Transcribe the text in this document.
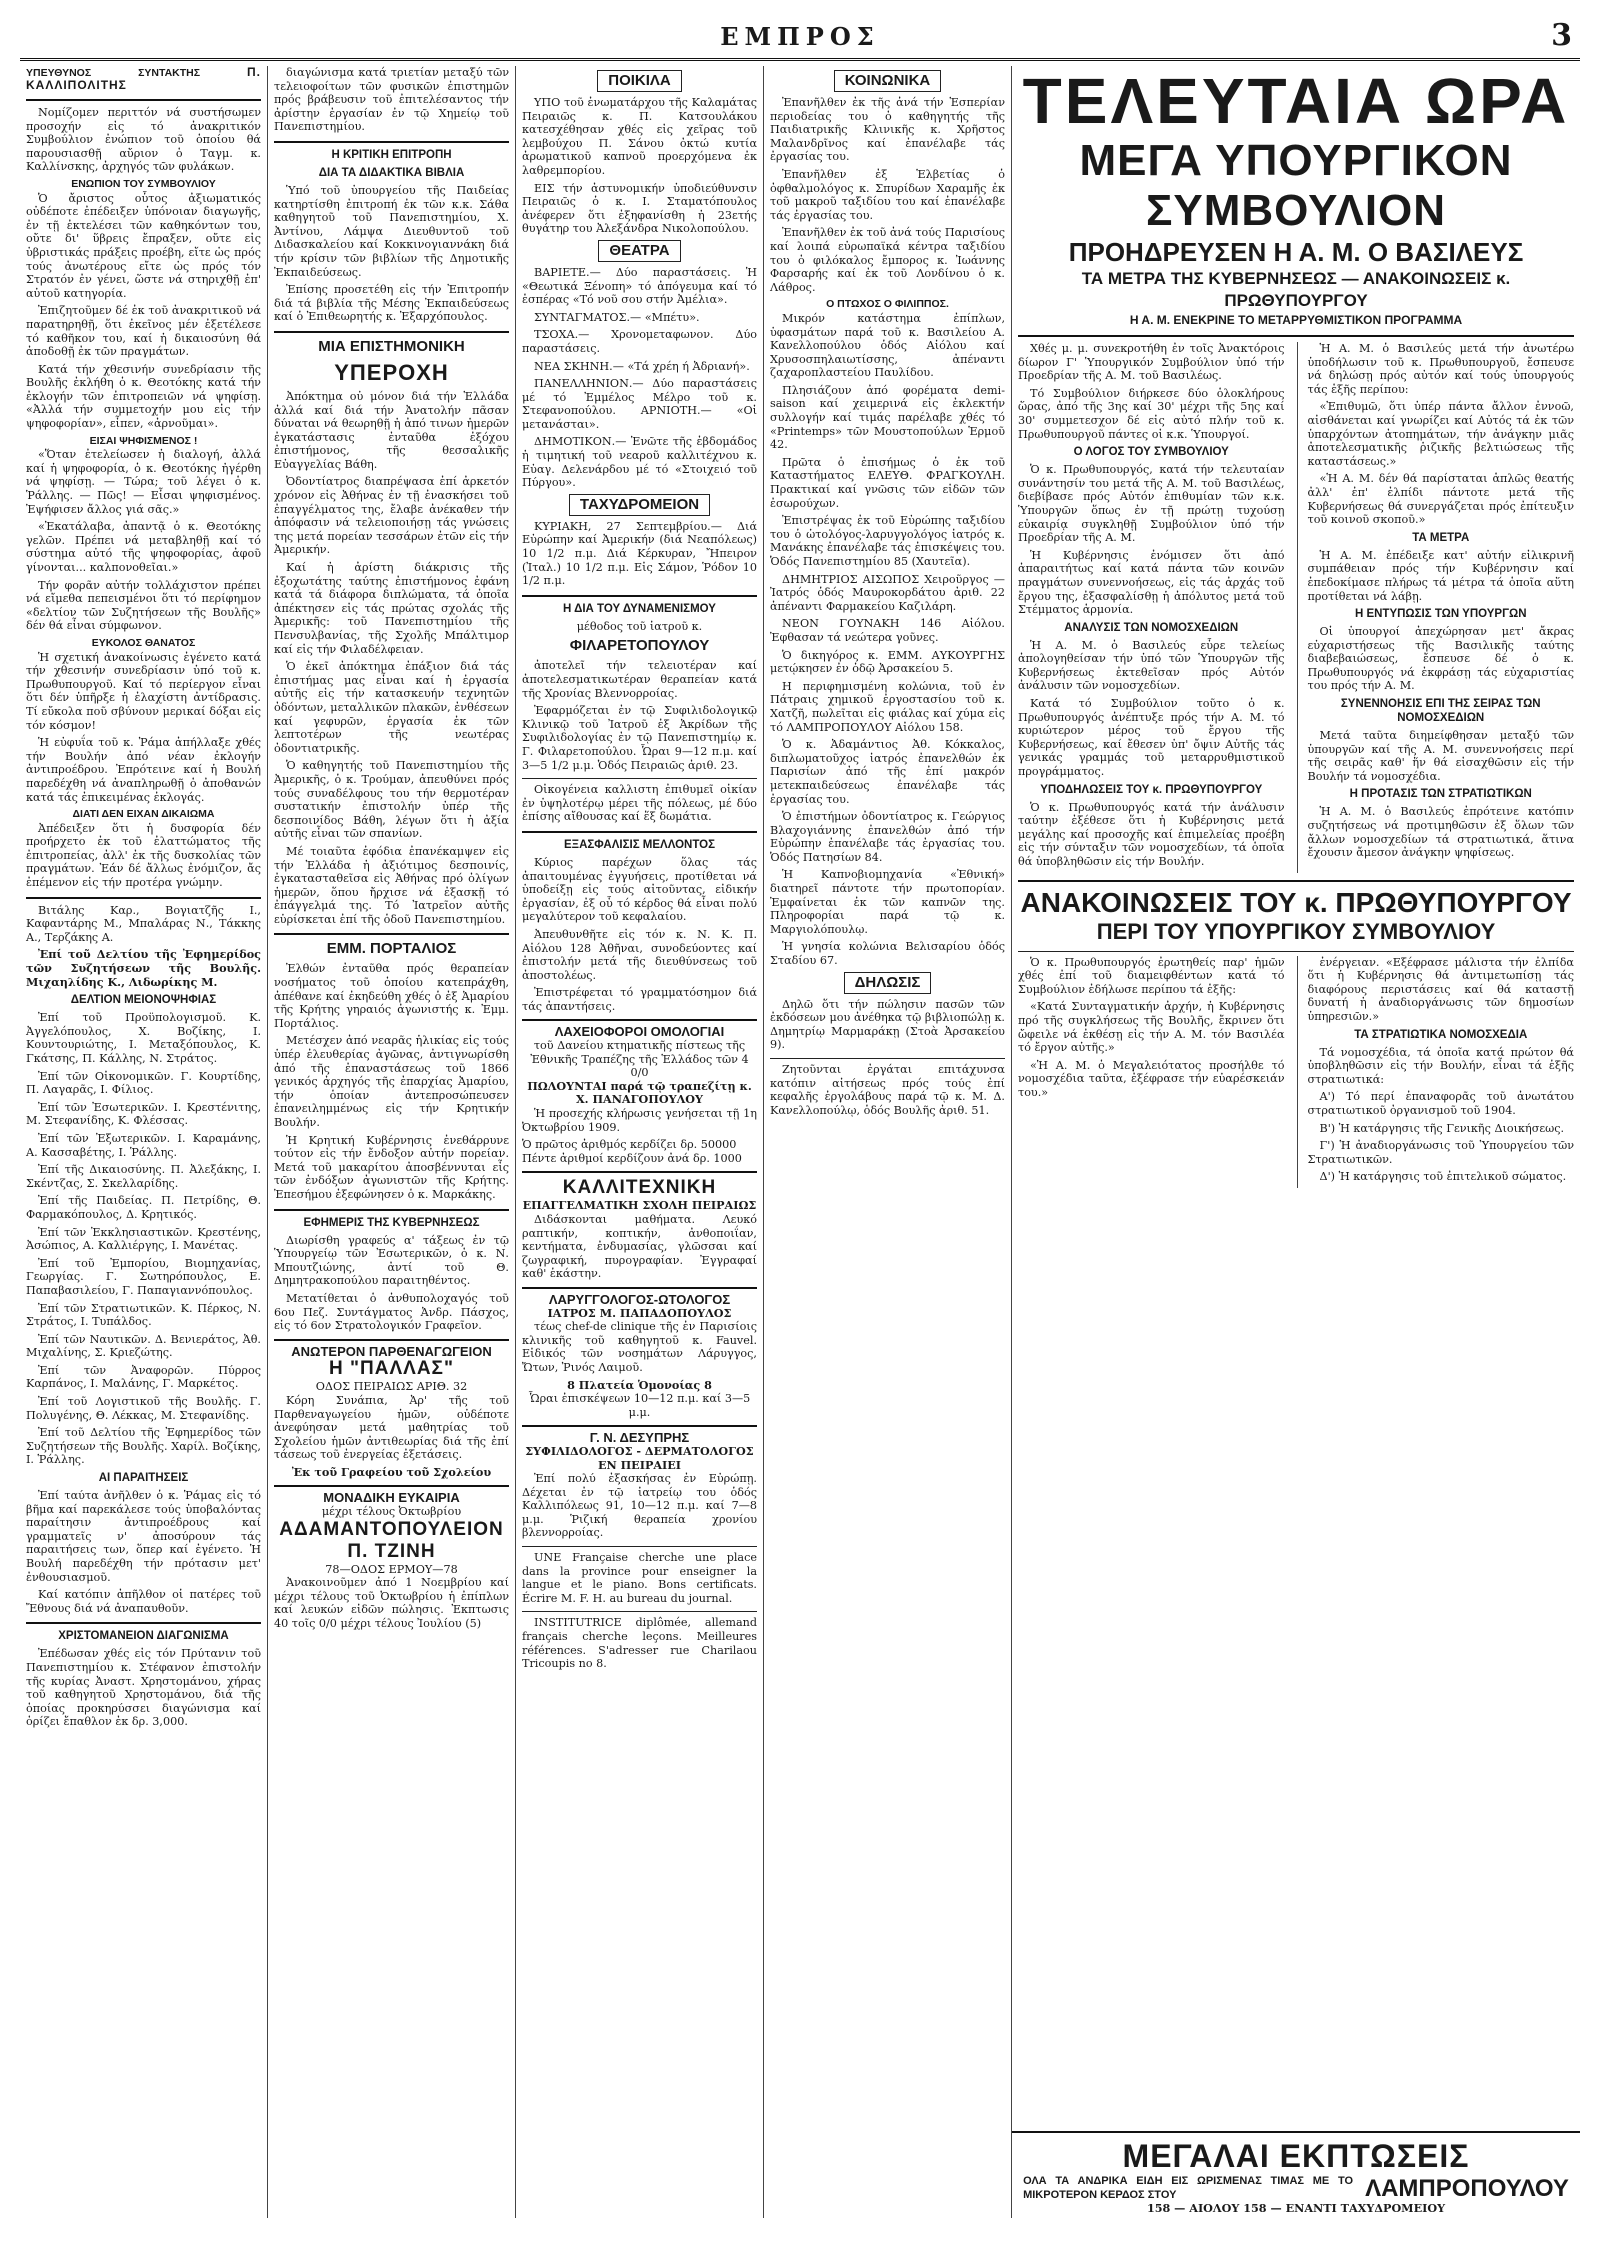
ΕΜΠΡΟΣ	3
ΥΠΕΥΘΥΝΟΣ ΣΥΝΤΑΚΤΗΣ	Π. ΚΑΛΛΙΠΟΛΙΤΗΣ

Νομίζομεν περιττόν νά συστήσωμεν προσοχήν εἰς τό ἀνακριτικόν Συμβούλιον ἐνώπιον τοῦ ὁποίου θά παρουσιασθῇ αὔριον ὁ Ταγμ. κ. Καλλίνσκης, ἀρχηγός τῶν φυλάκων.

ΕΝΩΠΙΟΝ ΤΟΥ ΣΥΜΒΟΥΛΙΟΥ

Ὁ ἄριστος οὗτος ἀξιωματικός οὐδέποτε ἐπέδειξεν ὑπόνοιαν διαγωγῆς, ἐν τῇ ἐκτελέσει τῶν καθηκόντων του, οὔτε δι' ὕβρεις ἔπραξεν, οὔτε εἰς ὑβριστικάς πράξεις προέβη, εἴτε ὡς πρός τούς ἀνωτέρους εἴτε ὡς πρός τόν Στρατόν ἐν γένει, ὥστε νά στηριχθῇ ἐπ' αὐτοῦ κατηγορία.

Ἐπιζητοῦμεν δέ ἐκ τοῦ ἀνακριτικοῦ νά παρατηρηθῇ, ὅτι ἐκεῖνος μέν ἐξετέλεσε τό καθῆκον του, καί ἡ δικαιοσύνη θά ἀποδοθῇ ἐκ τῶν πραγμάτων.

Κατά τήν χθεσινήν συνεδρίασιν τῆς Βουλῆς ἐκλήθη ὁ κ. Θεοτόκης κατά τήν ἐκλογήν τῶν ἐπιτροπειῶν νά ψηφίσῃ. «Ἀλλά τήν συμμετοχήν μου εἰς τήν ψηφοφορίαν», εἶπεν, «ἀρνοῦμαι».

ΕΙΣΑΙ ΨΗΦΙΣΜΕΝΟΣ !

«Ὅταν ἐτελείωσεν ἡ διαλογή, ἀλλά καί ἡ ψηφοφορία, ὁ κ. Θεοτόκης ἠγέρθη νά ψηφίσῃ. — Τώρα; τοῦ λέγει ὁ κ. Ῥάλλης. — Πῶς! — Εἶσαι ψηφισμένος. Ἐψήφισεν ἄλλος γιά σᾶς.»

«Ἐκατάλαβα, ἀπαντᾷ ὁ κ. Θεοτόκης γελῶν. Πρέπει νά μεταβληθῇ καί τό σύστημα αὐτό τῆς ψηφοφορίας, ἀφοῦ γίνονται... καλπονοθεῖαι.»

Τήν φορᾶν αὐτήν τολλάχιστον πρέπει νά εἴμεθα πεπεισμένοι ὅτι τό περίφημον «δελτίον τῶν Συζητήσεων τῆς Βουλῆς» δέν θά εἶναι σύμφωνον.

ΕΥΚΟΛΟΣ ΘΑΝΑΤΟΣ

Ἡ σχετική ἀνακοίνωσις ἐγένετο κατά τήν χθεσινήν συνεδρίασιν ὑπό τοῦ κ. Πρωθυπουργοῦ. Καί τό περίεργον εἶναι ὅτι δέν ὑπῆρξε ἡ ἐλαχίστη ἀντίδρασις. Τί εὔκολα ποῦ σβύνουν μερικαί δόξαι εἰς τόν κόσμον!

Ἡ εὐφυΐα τοῦ κ. Ῥάμα ἀπήλλαξε χθές τήν Βουλήν ἀπό νέαν ἐκλογήν ἀντιπροέδρου. Ἐπρότεινε καί ἡ Βουλή παρεδέχθη νά ἀναπληρωθῇ ὁ ἀποθανών κατά τάς ἐπικειμένας ἐκλογάς.

ΔΙΑΤΙ ΔΕΝ ΕΙΧΑΝ ΔΙΚΑΙΩΜΑ

Ἀπέδειξεν ὅτι ἡ δυσφορία δέν προήρχετο ἐκ τοῦ ἐλαττώματος τῆς ἐπιτροπείας, ἀλλ' ἐκ τῆς δυσκολίας τῶν πραγμάτων. Ἐάν δέ ἄλλως ἐνόμιζον, ἄς ἐπέμενον εἰς τήν προτέρα γνώμην.

Βιτάλης Καρ., Βογιατζῆς Ι., Καφαντάρης Μ., Μπαλάρας Ν., Τάκκης Α., Τερζάκης Α.

Ἐπί τοῦ Δελτίου τῆς Ἐφημερίδος τῶν Συζητήσεων τῆς Βουλῆς. Μιχαηλίδης Κ., Λιδωρίκης Μ.

ΔΕΛΤΙΟΝ ΜΕΙΟΝΟΨΗΦΙΑΣ

Ἐπί τοῦ Προϋπολογισμοῦ. Κ. Ἀγγελόπουλος, Χ. Βοζίκης, Ι. Κουντουριώτης, Ι. Μεταξόπουλος, Κ. Γκάτσης, Π. Κάλλης, Ν. Στράτος.

Ἐπί τῶν Οἰκονομικῶν. Γ. Κουρτίδης, Π. Λαγαρᾶς, Ι. Φίλιος.

Ἐπί τῶν Ἐσωτερικῶν. Ι. Κρεστένιτης, Μ. Στεφανίδης, Κ. Φλέσσας.

Ἐπί τῶν Ἐξωτερικῶν. Ι. Καραμάνης, Α. Κασσαβέτης, Ι. Ῥάλλης.

Ἐπί τῆς Δικαιοσύνης. Π. Ἀλεξάκης, Ι. Σκέντζας, Σ. Σκελλαρίδης.

Ἐπί τῆς Παιδείας. Π. Πετρίδης, Θ. Φαρμακόπουλος, Δ. Κρητικός.

Ἐπί τῶν Ἐκκλησιαστικῶν. Κρεστένης, Ἀσώπιος, Α. Καλλιέργης, Ι. Μανέτας.

Ἐπί τοῦ Ἐμπορίου, Βιομηχανίας, Γεωργίας. Γ. Σωτηρόπουλος, Ε. Παπαβασιλείου, Γ. Παπαγιαννόπουλος.

Ἐπί τῶν Στρατιωτικῶν. Κ. Πέρκος, Ν. Στράτος, Ι. Τυπάλδος.

Ἐπί τῶν Ναυτικῶν. Δ. Βενιεράτος, Ἀθ. Μιχαλίνης, Σ. Κριεζώτης.

Ἐπί τῶν Ἀναφορῶν. Πύρρος Καρπάνος, Ι. Μαλάνης, Γ. Μαρκέτος.

Ἐπί τοῦ Λογιστικοῦ τῆς Βουλῆς. Γ. Πολυγένης, Θ. Λέκκας, Μ. Στεφανίδης.

Ἐπί τοῦ Δελτίου τῆς Ἐφημερίδος τῶν Συζητήσεων τῆς Βουλῆς. Χαρίλ. Βοζίκης, Ι. Ῥάλλης.

ΑΙ ΠΑΡΑΙΤΗΣΕΙΣ

Ἐπί ταύτα ἀνῆλθεν ὁ κ. Ῥάμας εἰς τό βῆμα καί παρεκάλεσε τούς ὑποβαλόντας παραίτησιν ἀντιπροέδρους καί γραμματεῖς ν' ἀποσύρουν τάς παραιτήσεις των, ὅπερ καί ἐγένετο. Ἡ Βουλή παρεδέχθη τήν πρότασιν μετ' ἐνθουσιασμοῦ.

Καί κατόπιν ἀπῆλθον οἱ πατέρες τοῦ Ἔθνους διά νά ἀναπαυθοῦν.

ΧΡΙΣΤΟΜΑΝΕΙΟΝ ΔΙΑΓΩΝΙΣΜΑ

Ἐπέδωσαν χθές εἰς τόν Πρύτανιν τοῦ Πανεπιστημίου κ. Στέφανον ἐπιστολήν τῆς κυρίας Ἀναστ. Χρηστομάνου, χήρας τοῦ καθηγητοῦ Χρηστομάνου, διά τῆς ὁποίας προκηρύσσει διαγώνισμα καί ὁρίζει ἔπαθλον ἐκ δρ. 3,000.

διαγώνισμα κατά τριετίαν μεταξύ τῶν τελειοφοίτων τῶν φυσικῶν ἐπιστημῶν πρός βράβευσιν τοῦ ἐπιτελέσαντος τήν ἀρίστην ἐργασίαν ἐν τῷ Χημείῳ τοῦ Πανεπιστημίου.

Η ΚΡΙΤΙΚΗ ΕΠΙΤΡΟΠΗ
ΔΙΑ ΤΑ ΔΙΔΑΚΤΙΚΑ ΒΙΒΛΙΑ

Ὑπό τοῦ ὑπουργείου τῆς Παιδείας κατηρτίσθη ἐπιτροπή ἐκ τῶν κ.κ. Σάθα καθηγητοῦ τοῦ Πανεπιστημίου, Χ. Ἀντίνου, Λάμψα Διευθυντοῦ τοῦ Διδασκαλείου καί Κοκκινογιαννάκη διά τήν κρίσιν τῶν βιβλίων τῆς Δημοτικῆς Ἐκπαιδεύσεως.

Ἐπίσης προσετέθη εἰς τήν Ἐπιτροπήν διά τά βιβλία τῆς Μέσης Ἐκπαιδεύσεως καί ὁ Ἐπιθεωρητής κ. Ἐξαρχόπουλος.

ΜΙΑ ΕΠΙΣΤΗΜΟΝΙΚΗ
ΥΠΕΡΟΧΗ

Ἀπόκτημα οὐ μόνον διά τήν Ἑλλάδα ἀλλά καί διά τήν Ἀνατολήν πᾶσαν δύναται νά θεωρηθῇ ἡ ἀπό τινων ἡμερῶν ἐγκατάστασις ἐνταῦθα ἐξόχου ἐπιστήμονος, τῆς θεσσαλικῆς Εὐαγγελίας Βάθη.

Ὀδοντίατρος διαπρέψασα ἐπί ἀρκετόν χρόνον εἰς Ἀθήνας ἐν τῇ ἐνασκήσει τοῦ ἐπαγγέλματος της, ἔλαβε ἀνέκαθεν τήν ἀπόφασιν νά τελειοποιήσῃ τάς γνώσεις της μετά πορείαν τεσσάρων ἐτῶν εἰς τήν Ἀμερικήν.

Καί ἡ ἀρίστη διάκρισις τῆς ἐξοχωτάτης ταύτης ἐπιστήμονος ἐφάνη κατά τά διάφορα διπλώματα, τά ὁποῖα ἀπέκτησεν εἰς τάς πρώτας σχολάς τῆς Ἀμερικῆς: τοῦ Πανεπιστημίου τῆς Πενσυλβανίας, τῆς Σχολῆς Μπάλτιμορ καί εἰς τήν Φιλαδέλφειαν.

Ὁ ἐκεῖ ἀπόκτημα ἐπάξιον διά τάς ἐπιστήμας μας εἶναι καί ἡ ἐργασία αὐτῆς εἰς τήν κατασκευήν τεχνητῶν ὀδόντων, μεταλλικῶν πλακῶν, ἐνθέσεων καί γεφυρῶν, ἐργασία ἐκ τῶν λεπτοτέρων τῆς νεωτέρας ὀδοντιατρικῆς.

Ὁ καθηγητής τοῦ Πανεπιστημίου τῆς Ἀμερικῆς, ὁ κ. Τρούμαν, ἀπευθύνει πρός τούς συναδέλφους του τήν θερμοτέραν συστατικήν ἐπιστολήν ὑπέρ τῆς δεσποινίδος Βάθη, λέγων ὅτι ἡ ἀξία αὐτῆς εἶναι τῶν σπανίων.

Μέ τοιαῦτα ἐφόδια ἐπανέκαμψεν εἰς τήν Ἑλλάδα ἡ ἀξιότιμος δεσποινίς, ἐγκατασταθεῖσα εἰς Ἀθήνας πρό ὀλίγων ἡμερῶν, ὅπου ἤρχισε νά ἐξασκῇ τό ἐπάγγελμά της. Τό Ἰατρεῖον αὐτῆς εὑρίσκεται ἐπί τῆς ὁδοῦ Πανεπιστημίου.

ΕΜΜ. ΠΟΡΤΑΛΙΟΣ

Ἐλθών ἐνταῦθα πρός θεραπείαν νοσήματος τοῦ ὁποίου κατεπράχθη, ἀπέθανε καί ἐκηδεύθη χθές ὁ ἐξ Ἀμαρίου τῆς Κρήτης γηραιός ἀγωνιστής κ. Ἐμμ. Πορτάλιος.

Μετέσχεν ἀπό νεαρᾶς ἡλικίας εἰς τούς ὑπέρ ἐλευθερίας ἀγῶνας, ἀντιγνωρίσθη ἀπό τῆς ἐπαναστάσεως τοῦ 1866 γενικός ἀρχηγός τῆς ἐπαρχίας Ἀμαρίου, τήν ὁποίαν ἀντεπροσώπευσεν ἐπανειλημμένως εἰς τήν Κρητικήν Βουλήν.

Ἡ Κρητική Κυβέρνησις ἐνεθάρρυνε τούτον εἰς τήν ἔνδοξον αὐτήν πορείαν. Μετά τοῦ μακαρίτου ἀποσβέννυται εἷς τῶν ἐνδόξων ἀγωνιστῶν τῆς Κρήτης. Ἐπεσήμου ἐξεφώνησεν ὁ κ. Μαρκάκης.

ΕΦΗΜΕΡΙΣ ΤΗΣ ΚΥΒΕΡΝΗΣΕΩΣ

Διωρίσθη γραφεύς α' τάξεως ἐν τῷ Ὑπουργείῳ τῶν Ἐσωτερικῶν, ὁ κ. Ν. Μπουτζιώνης, ἀντί τοῦ Θ. Δημητρακοπούλου παραιτηθέντος.

Μετατίθεται ὁ ἀνθυπολοχαγός τοῦ 6ου Πεζ. Συντάγματος Ἀνδρ. Πάσχος, εἰς τό 6ον Στρατολογικόν Γραφεῖον.

ΑΝΩΤΕΡΟΝ ΠΑΡΘΕΝΑΓΩΓΕΙΟΝ
Η "ΠΑΛΛΑΣ"
ΟΔΟΣ ΠΕΙΡΑΙΩΣ ΑΡΙΘ. 32

Κόρη Συνάπια, Ἀρ' τῆς τοῦ Παρθεναγωγείου ἡμῶν, οὐδέποτε ἀνεφύησαν μετά μαθητρίας τοῦ Σχολείου ἡμῶν ἀντιθεωρίας διά τῆς ἐπί τάσεως τοῦ ἐνεργείας ἐξετάσεις.

Ἐκ τοῦ Γραφείου τοῦ Σχολείου
ΜΟΝΑΔΙΚΗ ΕΥΚΑΙΡΙΑ
μέχρι τέλους Ὀκτωβρίου
ΑΔΑΜΑΝΤΟΠΟΥΛΕΙΟΝ
Π. ΤΖΙΝΗ
78—ΟΔΟΣ ΕΡΜΟΥ—78

Ἀνακοινοῦμεν ἀπό 1 Νοεμβρίου καί μέχρι τέλους τοῦ Ὀκτωβρίου ἡ ἐπίπλων καί λευκών εἰδῶν πώλησις. Ἐκπτωσις 40 τοῖς 0/0 μέχρι τέλους Ἰουλίου (5)

ΠΟΙΚΙΛΑ

ΥΠΟ τοῦ ἐνωματάρχου τῆς Καλαμάτας Πειραιῶς κ. Π. Κατσουλάκου κατεσχέθησαν χθές εἰς χεῖρας τοῦ λεμβούχου Π. Σάνου ὀκτώ κυτία ἀρωματικοῦ καπνοῦ προερχόμενα ἐκ λαθρεμπορίου.

ΕΙΣ τήν ἀστυνομικήν ὑποδιεύθυνσιν Πειραιῶς ὁ κ. Ι. Σταματόπουλος ἀνέφερεν ὅτι ἐξηφανίσθη ἡ 23ετής θυγάτηρ του Ἀλεξάνδρα Νικολοπούλου.

ΘΕΑΤΡΑ

ΒΑΡΙΕΤΕ.— Δύο παραστάσεις. Ἡ «Θεωτικά Ξένοπη» τό ἀπόγευμα καί τό ἑσπέρας «Τό νοῦ σου στήν Ἀμέλια».

ΣΥΝΤΑΓΜΑΤΟΣ.— «Μπέτυ».

ΤΣΟΧΑ.— Χρονομεταφωνον. Δύο παραστάσεις.

ΝΕΑ ΣΚΗΝΗ.— «Τά χρέη ή Ἀδριανή».

ΠΑΝΕΛΛΗΝΙΟΝ.— Δύο παραστάσεις μέ τό Ἐμμέλος Μέλρο τοῦ κ. Στεφανοπούλου. ΑΡΝΙΟΤΗ.— «Οἱ μετανάσται».

ΔΗΜΟΤΙΚΟΝ.— Ἐνῶτε τῆς ἑβδομάδος ἡ τιμητική τοῦ νεαροῦ καλλιτέχνου κ. Εὐαγ. Δελενάρδου μέ τό «Στοιχειό τοῦ Πύργου».

ΤΑΧΥΔΡΟΜΕΙΟΝ

ΚΥΡΙΑΚΗ, 27 Σεπτεμβρίου.— Διά Εὐρώπην καί Ἀμερικήν (διά Νεαπόλεως) 10 1/2 π.μ. Διά Κέρκυραν, Ἤπειρον (Ἰταλ.) 10 1/2 π.μ. Εἰς Σάμον, Ῥόδον 10 1/2 π.μ.

Η ΔΙΑ ΤΟΥ ΔΥΝΑΜΕΝΙΣΜΟΥ
μέθοδος τοῦ ἰατροῦ κ.
ΦΙΛΑΡΕΤΟΠΟΥΛΟΥ

ἀποτελεῖ τήν τελειοτέραν καί ἀποτελεσματικωτέραν θεραπείαν κατά τῆς Χρονίας Βλεννορροίας.

Ἐφαρμόζεται ἐν τῷ Συφιλιδολογικῷ Κλινικῷ τοῦ Ἰατροῦ ἐξ Ἀκρίδων τῆς Συφιλιδολογίας ἐν τῷ Πανεπιστημίῳ κ. Γ. Φιλαρετοπούλου. Ὧραι 9—12 π.μ. καί 3—5 1/2 μ.μ. Ὁδός Πειραιῶς ἀριθ. 23.

Οἰκογένεια καλλιστη ἐπιθυμεῖ οἰκίαν ἐν ὑψηλοτέρῳ μέρει τῆς πόλεως, μέ δύο ἐπίσης αἴθουσας καί ἕξ δωμάτια.

ΕΞΑΣΦΑΛΙΣΙΣ ΜΕΛΛΟΝΤΟΣ

Κύριος παρέχων ὅλας τάς ἀπαιτουμένας ἐγγυήσεις, προτίθεται νά ὑποδείξῃ εἰς τούς αἰτοῦντας, εἰδικήν ἐργασίαν, ἐξ οὗ τό κέρδος θά εἶναι πολύ μεγαλύτερον τοῦ κεφαλαίου.

Ἀπευθυνθῆτε εἰς τόν κ. Ν. Κ. Π. Αἰόλου 128 Ἀθῆναι, συνοδεύοντες καί ἐπιστολήν μετά τῆς διευθύνσεως τοῦ ἀποστολέως.

Ἐπιστρέφεται τό γραμματόσημον διά τάς ἀπαντήσεις.

ΛΑΧΕΙΟΦΟΡΟΙ ΟΜΟΛΟΓΙΑΙ
τοῦ Δανείου κτηματικῆς πίστεως τῆς Ἐθνικῆς Τραπέζης τῆς Ἑλλάδος τῶν 4 0/0
ΠΩΛΟΥΝΤΑΙ παρά τῷ τραπεζίτῃ κ. Χ. ΠΑΝΑΓΟΠΟΥΛΟΥ

Ἡ προσεχής κλήρωσις γενήσεται τῇ 1η Ὀκτωβρίου 1909.

Ὁ πρῶτος ἀριθμός κερδίζει δρ. 50000
Πέντε ἀριθμοί κερδίζουν ἀνά δρ. 1000
ΚΑΛΛΙΤΕΧΝΙΚΗ
ΕΠΑΓΓΕΛΜΑΤΙΚΗ ΣΧΟΛΗ ΠΕΙΡΑΙΩΣ

Διδάσκονται μαθήματα. Λευκό ραπτικήν, κοπτικήν, ἀνθοποιΐαν, κεντήματα, ἐνδυμασίας, γλῶσσαι καί ζωγραφική, πυρογραφίαν. Ἐγγραφαί καθ' ἑκάστην.

ΛΑΡΥΓΓΟΛΟΓΟΣ-ΩΤΟΛΟΓΟΣ
ΙΑΤΡΟΣ Μ. ΠΑΠΑΔΟΠΟΥΛΟΣ

τέως chef-de clinique τῆς ἐν Παρισίοις κλινικῆς τοῦ καθηγητοῦ κ. Fauvel. Εἰδικός τῶν νοσημάτων Λάρυγγος, Ὤτων, Ῥινός Λαιμοῦ.

8 Πλατεία Ὁμονοίας 8
Ὧραι ἐπισκέψεων 10—12 π.μ. καί 3—5 μ.μ.
Γ. Ν. ΔΕΣΥΠΡΗΣ
ΣΥΦΙΛΙΔΟΛΟΓΟΣ - ΔΕΡΜΑΤΟΛΟΓΟΣ
ΕΝ ΠΕΙΡΑΙΕΙ

Ἐπί πολύ ἐξασκήσας ἐν Εὐρώπῃ. Δέχεται ἐν τῷ ἰατρείῳ του ὁδός Καλλιπόλεως 91, 10—12 π.μ. καί 7—8 μ.μ. Ῥιζική θεραπεία χρονίου βλεννορροίας.

UNE Française cherche une place dans la province pour enseigner la langue et le piano. Bons certificats. Écrire M. F. H. au bureau du journal.

INSTITUTRICE diplômée, allemand français cherche leçons. Meilleures références. S'adresser rue Charilaou Tricoupis no 8.

ΚΟΙΝΩΝΙΚΑ

Ἐπανῆλθεν ἐκ τῆς ἀνά τήν Ἑσπερίαν περιοδείας του ὁ καθηγητής τῆς Παιδιατρικῆς Κλινικῆς κ. Χρῆστος Μαλανδρῖνος καί ἐπανέλαβε τάς ἐργασίας του.

Ἐπανῆλθεν ἐξ Ἑλβετίας ὁ ὀφθαλμολόγος κ. Σπυρίδων Χαραμῆς ἐκ τοῦ μακροῦ ταξιδίου του καί ἐπανέλαβε τάς ἐργασίας του.

Ἐπανῆλθεν ἐκ τοῦ ἀνά τούς Παρισίους καί λοιπά εὐρωπαϊκά κέντρα ταξιδίου του ὁ φιλόκαλος ἔμπορος κ. Ἰωάννης Φαρσαρής καί ἐκ τοῦ Λονδίνου ὁ κ. Λάθρος.

Ο ΠΤΩΧΟΣ Ο ΦΙΛΙΠΠΟΣ.

Μικρόν κατάστημα ἐπίπλων, ὑφασμάτων παρά τοῦ κ. Βασιλείου Α. Κανελλοπούλου ὁδός Αἰόλου καί Χρυσοσπηλαιωτίσσης, ἀπέναντι ζαχαροπλαστείου Παυλίδου.

Πλησιάζουν ἀπό φορέματα demi-saison καί χειμερινά εἰς ἐκλεκτήν συλλογήν καί τιμάς παρέλαβε χθές τό «Printemps» τῶν Μουστοπούλων Ἑρμοῦ 42.

Πρῶτα ὁ ἐπισήμως ὁ ἐκ τοῦ Καταστήματος ΕΛΕΥΘ. ΦΡΑΓΚΟΥΛΗ. Πρακτικαί καί γνῶσις τῶν εἰδῶν τῶν ἐσωρούχων.

Ἐπιστρέψας ἐκ τοῦ Εὐρώπης ταξιδίου του ὁ ὠτολόγος-λαρυγγολόγος ἰατρός κ. Μανάκης ἐπανέλαβε τάς ἐπισκέψεις του. Ὁδός Πανεπιστημίου 85 (Χαυτεῖα).

ΔΗΜΗΤΡΙΟΣ ΑΙΣΩΠΟΣ Χειροῦργος — Ἰατρός ὁδός Μαυροκορδάτου ἀριθ. 22 ἀπέναντι Φαρμακείου Καζιλάρη.

ΝΕΟΝ ΓΟΥΝΑΚΗ 146 Αἰόλου. Ἐφθασαν τά νεώτερα γοῦνες.

Ὁ δικηγόρος κ. ΕΜΜ. ΑΥΚΟΥΡΓΗΣ μετῴκησεν ἐν ὁδῷ Ἀρσακείου 5.

Η περιφημισμένη κολώνια, τοῦ ἐν Πάτραις χημικοῦ ἐργοστασίου τοῦ κ. Χατζῆ, πωλεῖται εἰς φιάλας καί χύμα εἰς τό ΛΑΜΠΡΟΠΟΥΛΟΥ Αἰόλου 158.

Ὁ κ. Ἀδαμάντιος Ἀθ. Κόκκαλος, διπλωματοῦχος ἰατρός ἐπανελθών ἐκ Παρισίων ἀπό τῆς ἐπί μακρόν μετεκπαιδεύσεως ἐπανέλαβε τάς ἐργασίας του.

Ὁ ἐπιστήμων ὀδοντίατρος κ. Γεώργιος Βλαχογιάννης ἐπανελθών ἀπό τήν Εὐρώπην ἐπανέλαβε τάς ἐργασίας του. Ὁδός Πατησίων 84.

Ἡ Καπνοβιομηχανία «Ἐθνική» διατηρεῖ πάντοτε τήν πρωτοπορίαν. Ἐμφαίνεται ἐκ τῶν καπνῶν της. Πληροφορίαι παρά τῷ κ. Μαργιολόπουλῳ.

Ἡ γνησία κολώνια Βελισαρίου ὁδός Σταδίου 67.

ΔΗΛΩΣΙΣ

Δηλῶ ὅτι τήν πώλησιν πασῶν τῶν ἐκδόσεων μου ἀνέθηκα τῷ βιβλιοπώλῃ κ. Δημητρίῳ Μαρμαράκῃ (Στοὰ Ἀρσακείου 9).

Ζητοῦνται ἐργάται επιτάχυνσα κατόπιν αἰτήσεως πρός τούς ἐπί κεφαλῆς ἐργολάβους παρά τῷ κ. Μ. Δ. Κανελλοπούλῳ, ὁδός Βουλῆς ἀριθ. 51.

ΤΕΛΕΥΤΑΙΑ ΩΡΑ
ΜΕΓΑ ΥΠΟΥΡΓΙΚΟΝ ΣΥΜΒΟΥΛΙΟΝ
ΠΡΟΗΔΡΕΥΣΕΝ Η Α. Μ. Ο ΒΑΣΙΛΕΥΣ
ΤΑ ΜΕΤΡΑ ΤΗΣ ΚΥΒΕΡΝΗΣΕΩΣ — ΑΝΑΚΟΙΝΩΣΕΙΣ κ. ΠΡΩΘΥΠΟΥΡΓΟΥ
Η Α. Μ. ΕΝΕΚΡΙΝΕ ΤΟ ΜΕΤΑΡΡΥΘΜΙΣΤΙΚΟΝ ΠΡΟΓΡΑΜΜΑ

Χθές μ. μ. συνεκροτήθη ἐν τοῖς Ἀνακτόροις δίωρον Γ' Ὑπουργικόν Συμβούλιον ὑπό τήν Προεδρίαν τῆς Α. Μ. τοῦ Βασιλέως.

Τό Συμβούλιον διήρκεσε δύο ὁλοκλήρους ὥρας, ἀπό τῆς 3ης καί 30' μέχρι τῆς 5ης καί 30' συμμετεσχον δέ εἰς αὐτό πλήν τοῦ κ. Πρωθυπουργοῦ πάντες οἱ κ.κ. Ὑπουργοί.

Ο ΛΟΓΟΣ ΤΟΥ ΣΥΜΒΟΥΛΙΟΥ

Ὁ κ. Πρωθυπουργός, κατά τήν τελευταίαν συνάντησίν του μετά τῆς Α. Μ. τοῦ Βασιλέως, διεβίβασε πρός Αὐτόν ἐπιθυμίαν τῶν κ.κ. Ὑπουργῶν ὅπως ἐν τῇ πρώτῃ τυχούσῃ εὐκαιρίᾳ συγκληθῇ Συμβούλιον ὑπό τήν Προεδρίαν τῆς Α. Μ.

Ἡ Κυβέρνησις ἐνόμισεν ὅτι ἀπό ἀπαραιτήτως καί κατά πάντα τῶν κοινῶν πραγμάτων συνεννοήσεως, εἰς τάς ἀρχάς τοῦ ἔργου της, ἐξασφαλίσθῃ ἡ ἀπόλυτος μετά τοῦ Στέμματος ἁρμονία.

ΑΝΑΛΥΣΙΣ ΤΩΝ ΝΟΜΟΣΧΕΔΙΩΝ

Ἡ Α. Μ. ὁ Βασιλεύς εὗρε τελείως ἀπολογηθείσαν τήν ὑπό τῶν Ὑπουργῶν τῆς Κυβερνήσεως ἐκτεθεῖσαν πρός Αὐτόν ἀνάλυσιν τῶν νομοσχεδίων.

Κατά τό Συμβούλιον τοῦτο ὁ κ. Πρωθυπουργός ἀνέπτυξε πρός τήν Α. Μ. τό κυριώτερον μέρος τοῦ ἔργου τῆς Κυβερνήσεως, καί ἔθεσεν ὑπ' ὄψιν Αὐτῆς τάς γενικάς γραμμάς τοῦ μεταρρυθμιστικοῦ προγράμματος.

ΥΠΟΔΗΛΩΣΕΙΣ ΤΟΥ κ. ΠΡΩΘΥΠΟΥΡΓΟΥ

Ὁ κ. Πρωθυπουργός κατά τήν ἀνάλυσιν ταύτην ἐξέθεσε ὅτι ἡ Κυβέρνησις μετά μεγάλης καί προσοχῆς καί ἐπιμελείας προέβη εἰς τήν σύνταξιν τῶν νομοσχεδίων, τά ὁποῖα θά ὑποβληθῶσιν εἰς τήν Βουλήν.

Ἡ Α. Μ. ὁ Βασιλεύς μετά τήν ἀνωτέρω ὑποδήλωσιν τοῦ κ. Πρωθυπουργοῦ, ἔσπευσε νά δηλώσῃ πρός αὐτόν καί τούς ὑπουργούς τάς ἑξῆς περίπου:

«Ἐπιθυμῶ, ὅτι ὑπέρ πάντα ἄλλον ἐννοῶ, αἰσθάνεται καί γνωρίζει καί Αὐτός τά ἐκ τῶν ὑπαρχόντων ἀτοπημάτων, τήν ἀνάγκην μιᾶς ἀποτελεσματικῆς ῥιζικῆς βελτιώσεως τῆς καταστάσεως.»

«Ἡ Α. Μ. δέν θά παρίσταται ἁπλῶς θεατής ἀλλ' ἐπ' ἐλπίδι πάντοτε μετά τῆς Κυβερνήσεως θά συνεργάζεται πρός ἐπίτευξιν τοῦ κοινοῦ σκοποῦ.»

ΤΑ ΜΕΤΡΑ

Ἡ Α. Μ. ἐπέδειξε κατ' αὐτήν εἰλικρινῆ συμπάθειαν πρός τήν Κυβέρνησιν καί ἐπεδοκίμασε πλήρως τά μέτρα τά ὁποῖα αὕτη προτίθεται νά λάβῃ.

Η ΕΝΤΥΠΩΣΙΣ ΤΩΝ ΥΠΟΥΡΓΩΝ

Οἱ ὑπουργοί ἀπεχώρησαν μετ' ἄκρας εὐχαριστήσεως τῆς Βασιλικῆς ταύτης διαβεβαιώσεως, ἔσπευσε δέ ὁ κ. Πρωθυπουργός νά ἐκφράσῃ τάς εὐχαριστίας του πρός τήν Α. Μ.

ΣΥΝΕΝΝΟΗΣΙΣ ΕΠΙ ΤΗΣ ΣΕΙΡΑΣ ΤΩΝ ΝΟΜΟΣΧΕΔΙΩΝ

Μετά ταῦτα διημείφθησαν μεταξύ τῶν ὑπουργῶν καί τῆς Α. Μ. συνεννοήσεις περί τῆς σειρᾶς καθ' ἥν θά εἰσαχθῶσιν εἰς τήν Βουλήν τά νομοσχέδια.

Η ΠΡΟΤΑΣΙΣ ΤΩΝ ΣΤΡΑΤΙΩΤΙΚΩΝ

Ἡ Α. Μ. ὁ Βασιλεύς ἐπρότεινε κατόπιν συζητήσεως νά προτιμηθῶσιν ἐξ ὅλων τῶν ἄλλων νομοσχεδίων τά στρατιωτικά, ἅτινα ἔχουσιν ἄμεσον ἀνάγκην ψηφίσεως.

ΑΝΑΚΟΙΝΩΣΕΙΣ ΤΟΥ κ. ΠΡΩΘΥΠΟΥΡΓΟΥ
ΠΕΡΙ ΤΟΥ ΥΠΟΥΡΓΙΚΟΥ ΣΥΜΒΟΥΛΙΟΥ

Ὁ κ. Πρωθυπουργός ἐρωτηθείς παρ' ἡμῶν χθές ἐπί τοῦ διαμειφθέντων κατά τό Συμβούλιον ἐδήλωσε περίπου τά ἑξῆς:

«Κατά Συνταγματικήν ἀρχήν, ἡ Κυβέρνησις πρό τῆς συγκλήσεως τῆς Βουλῆς, ἔκρινεν ὅτι ὤφειλε νά ἐκθέσῃ εἰς τήν Α. Μ. τόν Βασιλέα τό ἔργον αὐτῆς.»

«Ἡ Α. Μ. ὁ Μεγαλειότατος προσήλθε τό νομοσχέδια ταῦτα, ἐξέφρασε τήν εὐαρέσκειάν του.»

ἐνέργειαν. «Εξέφρασε μάλιστα τήν ἐλπίδα ὅτι ἡ Κυβέρνησις θά ἀντιμετωπίσῃ τάς διαφόρους περιστάσεις καί θά καταστῇ δυνατή ἡ ἀναδιοργάνωσις τῶν δημοσίων ὑπηρεσιῶν.»

ΤΑ ΣΤΡΑΤΙΩΤΙΚΑ ΝΟΜΟΣΧΕΔΙΑ

Τά νομοσχέδια, τά ὁποῖα κατά πρώτον θά ὑποβληθῶσιν εἰς τήν Βουλήν, εἶναι τά ἑξῆς στρατιωτικά:

Α') Τό περί ἐπαναφορᾶς τοῦ ἀνωτάτου στρατιωτικοῦ ὀργανισμοῦ τοῦ 1904.

Β') Ἡ κατάργησις τῆς Γενικῆς Διοικήσεως.

Γ') Ἡ ἀναδιοργάνωσις τοῦ Ὑπουργείου τῶν Στρατιωτικῶν.

Δ') Ἡ κατάργησις τοῦ ἐπιτελικοῦ σώματος.

ΜΕΓΑΛΑΙ ΕΚΠΤΩΣΕΙΣ
ΟΛΑ ΤΑ ΑΝΔΡΙΚΑ ΕΙΔΗ ΕΙΣ ΩΡΙΣΜΕΝΑΣ ΤΙΜΑΣ ΜΕ ΤΟ ΜΙΚΡΟΤΕΡΟΝ ΚΕΡΔΟΣ ΣΤΟΥ	ΛΑΜΠΡΟΠΟΥΛΟΥ
158 — ΑΙΟΛΟΥ 158 — ΕΝΑΝΤΙ ΤΑΧΥΔΡΟΜΕΙΟΥ
